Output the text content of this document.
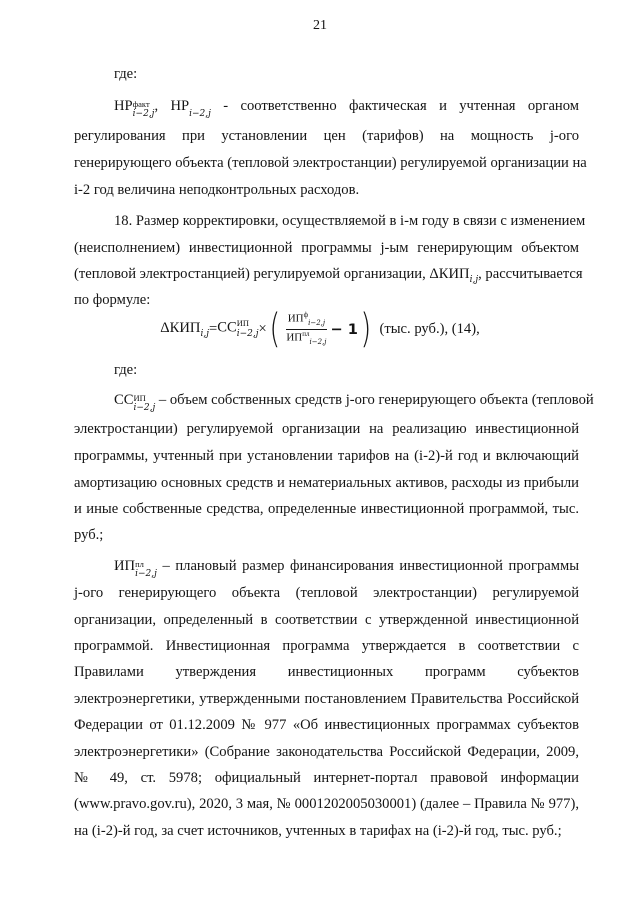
21
где:
НР факт
i−2,j , НР
i−2,j - соответственно фактическая и учтенная органом
регулирования при установлении цен (тарифов) на мощность j-ого
генерирующего объекта (тепловой электростанции) регулируемой организации на
i-2 год величина неподконтрольных расходов.
18. Размер корректировки, осуществляемой в i-м году в связи с изменением
(неисполнением) инвестиционной программы j-ым генерирующим объектом
(тепловой электростанцией) регулируемой организации, $\Delta КИП_{i,j}$, рассчитывается
по формуле:
$\Delta КИП_{i,j}$ = СС ИП
i−2,j × ( $\frac{ИП^ф_{i-2,j}}{ИП^{пл}_{i-2,j}} - 1$ ) (тыс. руб.), (14),
где:
СС ИП
i−2,j – объем собственных средств j-ого генерирующего объекта (тепловой
электростанции) регулируемой организации на реализацию инвестиционной
программы, учтенный при установлении тарифов на (i-2)-й год и включающий
амортизацию основных средств и нематериальных активов, расходы из прибыли
и иные собственные средства, определенные инвестиционной программой, тыс.
руб.;
ИП пл
i−2,j – плановый размер финансирования инвестиционной программы
j-ого генерирующего объекта (тепловой электростанции) регулируемой
организации, определенный в соответствии с утвержденной инвестиционной
программой. Инвестиционная программа утверждается в соответствии с
Правилами утверждения инвестиционных программ субъектов
электроэнергетики, утвержденными постановлением Правительства Российской
Федерации от 01.12.2009 № 977 «Об инвестиционных программах субъектов
электроэнергетики» (Собрание законодательства Российской Федерации, 2009,
№ 49, ст. 5978; официальный интернет-портал правовой информации
(www.pravo.gov.ru), 2020, 3 мая, № 0001202005030001) (далее – Правила № 977),
на (i-2)-й год, за счет источников, учтенных в тарифах на (i-2)-й год, тыс. руб.;
